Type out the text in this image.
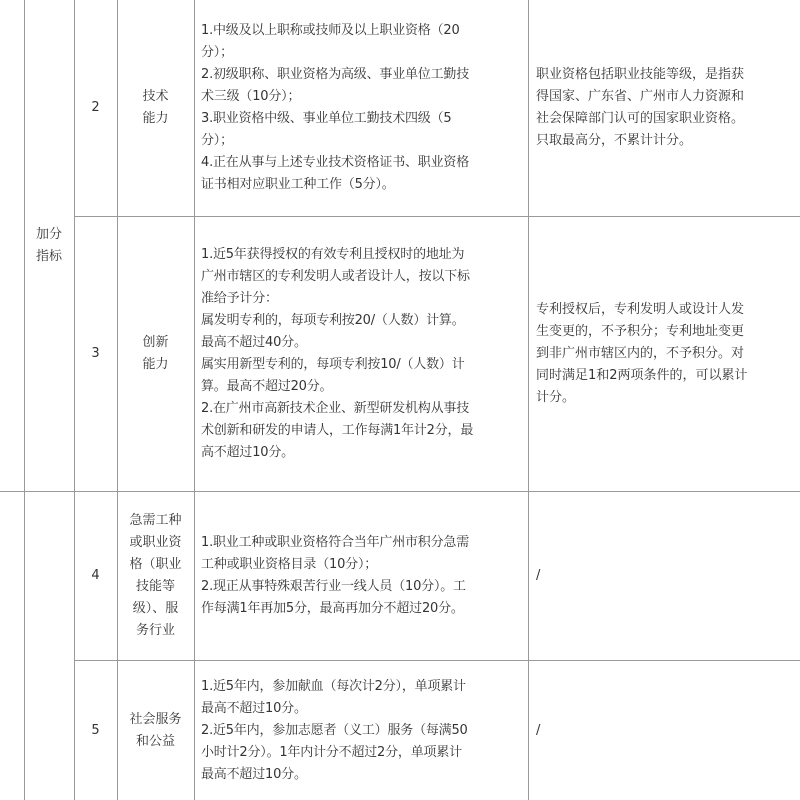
加分
指标
2
技术
能力
1.中级及以上职称或技师及以上职业资格（20
分）；
2.初级职称、职业资格为高级、事业单位工勤技
术三级（10分）；
3.职业资格中级、事业单位工勤技术四级（5
分）；
4.正在从事与上述专业技术资格证书、职业资格
证书相对应职业工种工作（5分）。
职业资格包括职业技能等级，是指获
得国家、广东省、广州市人力资源和
社会保障部门认可的国家职业资格。
只取最高分，不累计计分。
3
创新
能力
1.近5年获得授权的有效专利且授权时的地址为
广州市辖区的专利发明人或者设计人，按以下标
准给予计分：
属发明专利的，每项专利按20/（人数）计算。
最高不超过40分。
属实用新型专利的，每项专利按10/（人数）计
算。最高不超过20分。
2.在广州市高新技术企业、新型研发机构从事技
术创新和研发的申请人，工作每满1年计2分，最
高不超过10分。
专利授权后，专利发明人或设计人发
生变更的，不予积分；专利地址变更
到非广州市辖区内的，不予积分。对
同时满足1和2两项条件的，可以累计
计分。
4
急需工种
或职业资
格（职业
技能等
级）、服
务行业
1.职业工种或职业资格符合当年广州市积分急需
工种或职业资格目录（10分）；
2.现正从事特殊艰苦行业一线人员（10分）。工
作每满1年再加5分，最高再加分不超过20分。
/
5
社会服务
和公益
1.近5年内，参加献血（每次计2分），单项累计
最高不超过10分。
2.近5年内，参加志愿者（义工）服务（每满50
小时计2分）。1年内计分不超过2分，单项累计
最高不超过10分。
/
